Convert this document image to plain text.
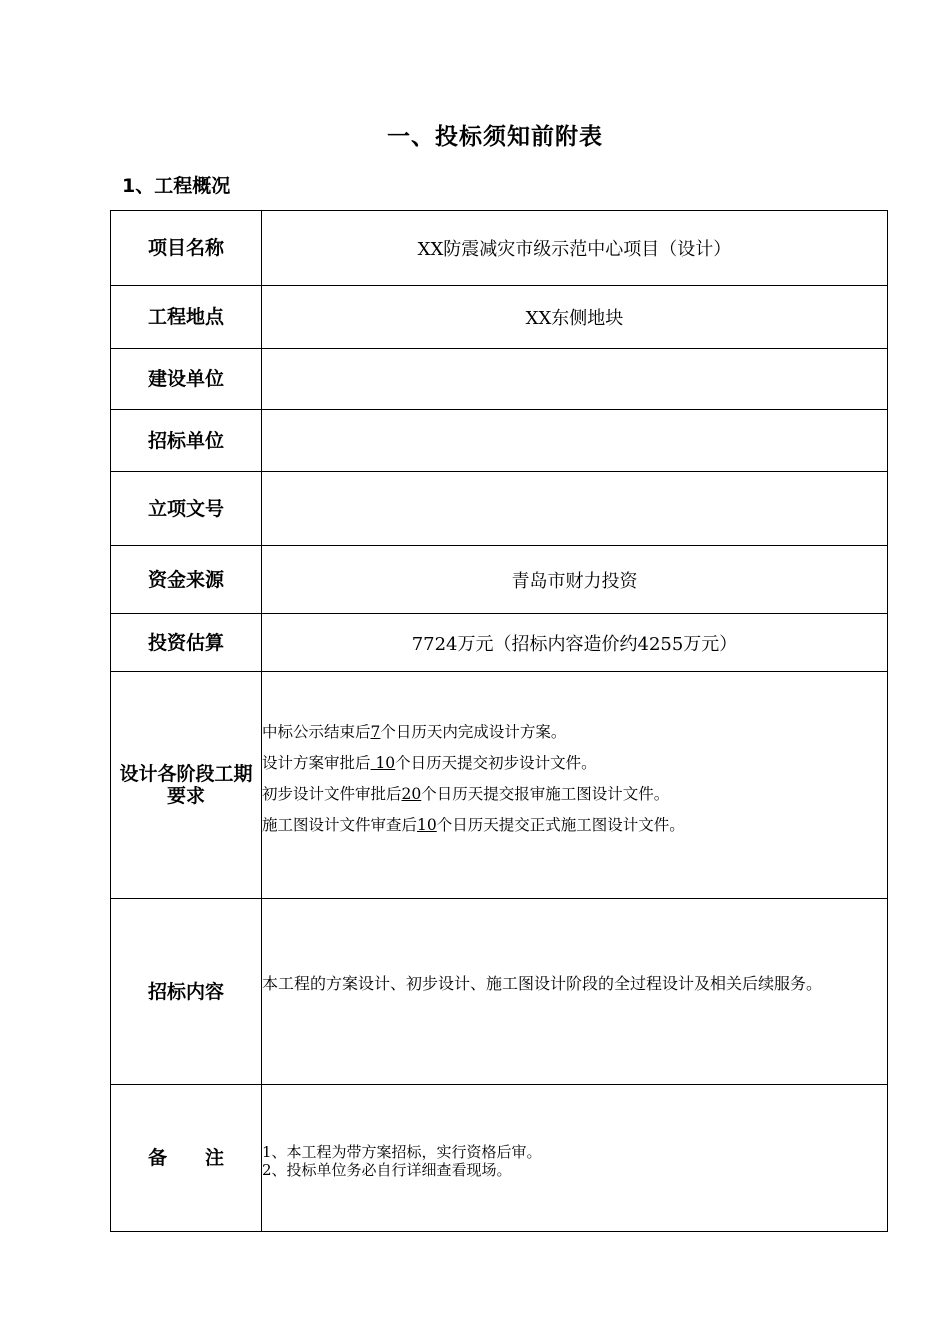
一、投标须知前附表
1、工程概况
项目名称	XX防震减灾市级示范中心项目（设计）
工程地点	XX东侧地块
建设单位	
招标单位	
立项文号	
资金来源	青岛市财力投资
投资估算	7724万元（招标内容造价约4255万元）
设计各阶段工期要求	中标公示结束后7个日历天内完成设计方案。
设计方案审批后 10个日历天提交初步设计文件。
初步设计文件审批后20个日历天提交报审施工图设计文件。
施工图设计文件审查后10个日历天提交正式施工图设计文件。

招标内容	本工程的方案设计、初步设计、施工图设计阶段的全过程设计及相关后续服务。

备　　注	1、本工程为带方案招标，实行资格后审。
2、投标单位务必自行详细查看现场。
